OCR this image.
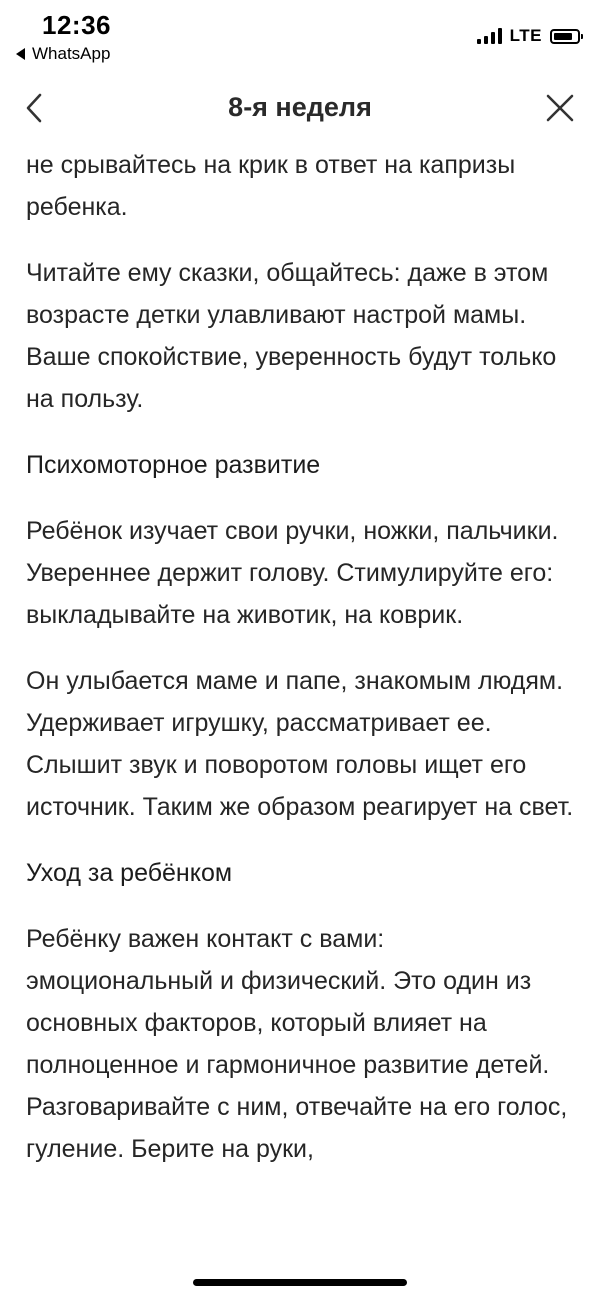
12:36
WhatsApp
LTE
8-я неделя

не срывайтесь на крик в ответ на капризы ребенка.

Читайте ему сказки, общайтесь: даже в этом возрасте детки улавливают настрой мамы. Ваше спокойствие, уверенность будут только на пользу.

Психомоторное развитие

Ребёнок изучает свои ручки, ножки, пальчики. Увереннее держит голову. Стимулируйте его: выкладывайте на животик, на коврик.

Он улыбается маме и папе, знакомым людям. Удерживает игрушку, рассматривает ее. Слышит звук и поворотом головы ищет его источник. Таким же образом реагирует на свет.

Уход за ребёнком

Ребёнку важен контакт с вами: эмоциональный и физический. Это один из основных факторов, который влияет на полноценное и гармоничное развитие детей. Разговаривайте с ним, отвечайте на его голос, гуление. Берите на руки,
